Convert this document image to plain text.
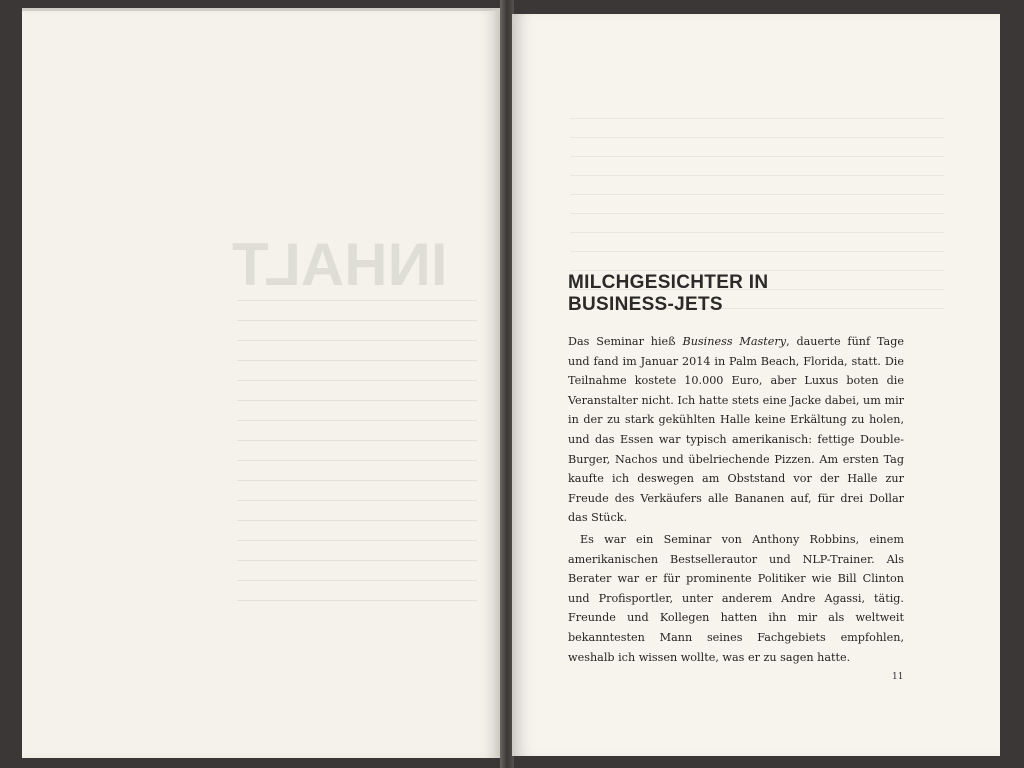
INHALT	MILCHGESICHTER IN
BUSINESS-JETS

Das Seminar hieß Business Mastery, dauerte fünf Tage und fand im Januar 2014 in Palm Beach, Florida, statt. Die Teilnahme kostete 10.000 Euro, aber Luxus boten die Veranstalter nicht. Ich hatte stets eine Jacke dabei, um mir in der zu stark gekühlten Halle keine Erkältung zu holen, und das Essen war typisch amerikanisch: fettige Double-Burger, Nachos und übelriechende Pizzen. Am ersten Tag kaufte ich deswegen am Obststand vor der Halle zur Freude des Verkäufers alle Bananen auf, für drei Dollar das Stück.

Es war ein Seminar von Anthony Robbins, einem amerikanischen Bestsellerautor und NLP-Trainer. Als Berater war er für prominente Politiker wie Bill Clinton und Profisportler, unter anderem Andre Agassi, tätig. Freunde und Kollegen hatten ihn mir als weltweit bekanntesten Mann seines Fachgebiets empfohlen, weshalb ich wissen wollte, was er zu sagen hatte.

11
